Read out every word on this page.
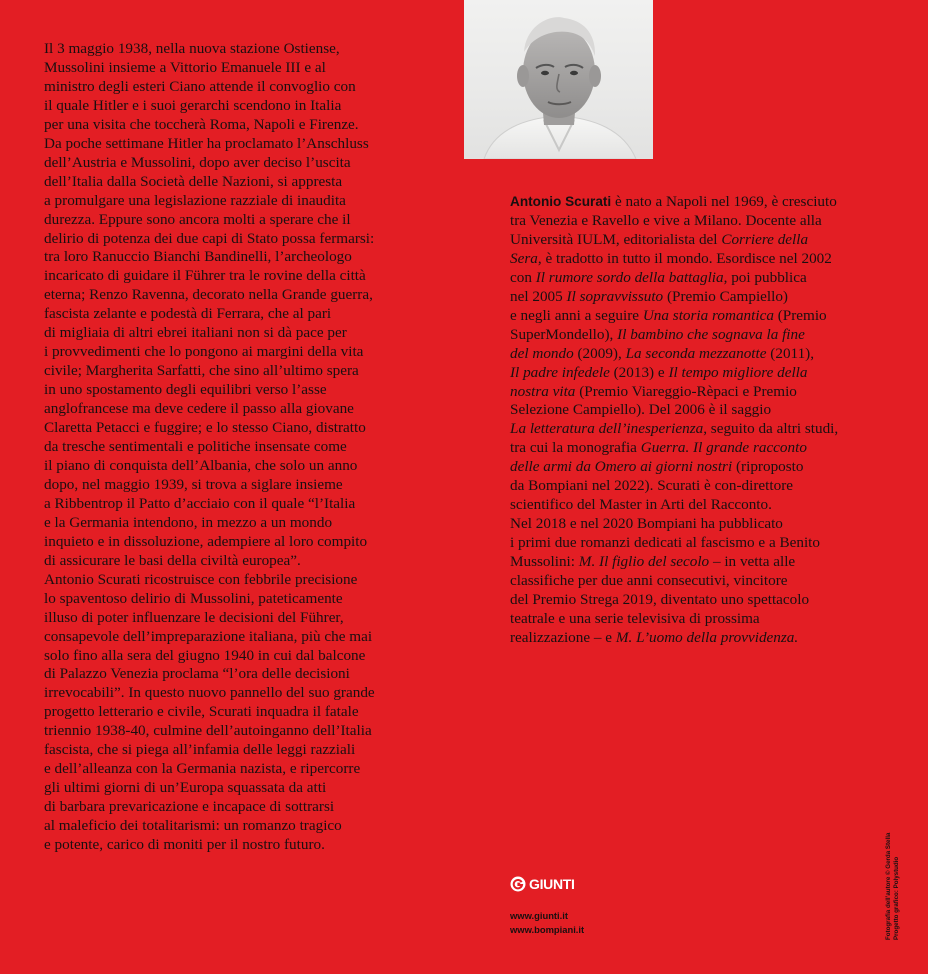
Il 3 maggio 1938, nella nuova stazione Ostiense,
Mussolini insieme a Vittorio Emanuele III e al
ministro degli esteri Ciano attende il convoglio con
il quale Hitler e i suoi gerarchi scendono in Italia
per una visita che toccherà Roma, Napoli e Firenze.
Da poche settimane Hitler ha proclamato l’Anschluss
dell’Austria e Mussolini, dopo aver deciso l’uscita
dell’Italia dalla Società delle Nazioni, si appresta
a promulgare una legislazione razziale di inaudita
durezza. Eppure sono ancora molti a sperare che il
delirio di potenza dei due capi di Stato possa fermarsi:
tra loro Ranuccio Bianchi Bandinelli, l’archeologo
incaricato di guidare il Führer tra le rovine della città
eterna; Renzo Ravenna, decorato nella Grande guerra,
fascista zelante e podestà di Ferrara, che al pari
di migliaia di altri ebrei italiani non si dà pace per
i provvedimenti che lo pongono ai margini della vita
civile; Margherita Sarfatti, che sino all’ultimo spera
in uno spostamento degli equilibri verso l’asse
anglofrancese ma deve cedere il passo alla giovane
Claretta Petacci e fuggire; e lo stesso Ciano, distratto
da tresche sentimentali e politiche insensate come
il piano di conquista dell’Albania, che solo un anno
dopo, nel maggio 1939, si trova a siglare insieme
a Ribbentrop il Patto d’acciaio con il quale “l’Italia
e la Germania intendono, in mezzo a un mondo
inquieto e in dissoluzione, adempiere al loro compito
di assicurare le basi della civiltà europea”.
Antonio Scurati ricostruisce con febbrile precisione
lo spaventoso delirio di Mussolini, pateticamente
illuso di poter influenzare le decisioni del Führer,
consapevole dell’impreparazione italiana, più che mai
solo fino alla sera del giugno 1940 in cui dal balcone
di Palazzo Venezia proclama “l’ora delle decisioni
irrevocabili”. In questo nuovo pannello del suo grande
progetto letterario e civile, Scurati inquadra il fatale
triennio 1938-40, culmine dell’autoinganno dell’Italia
fascista, che si piega all’infamia delle leggi razziali
e dell’alleanza con la Germania nazista, e ripercorre
gli ultimi giorni di un’Europa squassata da atti
di barbara prevaricazione e incapace di sottrarsi
al maleficio dei totalitarismi: un romanzo tragico
e potente, carico di moniti per il nostro futuro.
Antonio Scurati è nato a Napoli nel 1969, è cresciuto
tra Venezia e Ravello e vive a Milano. Docente alla
Università IULM, editorialista del Corriere della
Sera, è tradotto in tutto il mondo. Esordisce nel 2002
con Il rumore sordo della battaglia, poi pubblica
nel 2005 Il sopravvissuto (Premio Campiello)
e negli anni a seguire Una storia romantica (Premio
SuperMondello), Il bambino che sognava la fine
del mondo (2009), La seconda mezzanotte (2011),
Il padre infedele (2013) e Il tempo migliore della
nostra vita (Premio Viareggio-Rèpaci e Premio
Selezione Campiello). Del 2006 è il saggio
La letteratura dell’inesperienza, seguito da altri studi,
tra cui la monografia Guerra. Il grande racconto
delle armi da Omero ai giorni nostri (riproposto
da Bompiani nel 2022). Scurati è con-direttore
scientifico del Master in Arti del Racconto.
Nel 2018 e nel 2020 Bompiani ha pubblicato
i primi due romanzi dedicati al fascismo e a Benito
Mussolini: M. Il figlio del secolo – in vetta alle
classifiche per due anni consecutivi, vincitore
del Premio Strega 2019, diventato uno spettacolo
teatrale e una serie televisiva di prossima
realizzazione – e M. L’uomo della provvidenza.
GIUNTI
www.giunti.it
www.bompiani.it	Fotografia dell’autore © Gerda Stella Progetto grafico: Polystudio
